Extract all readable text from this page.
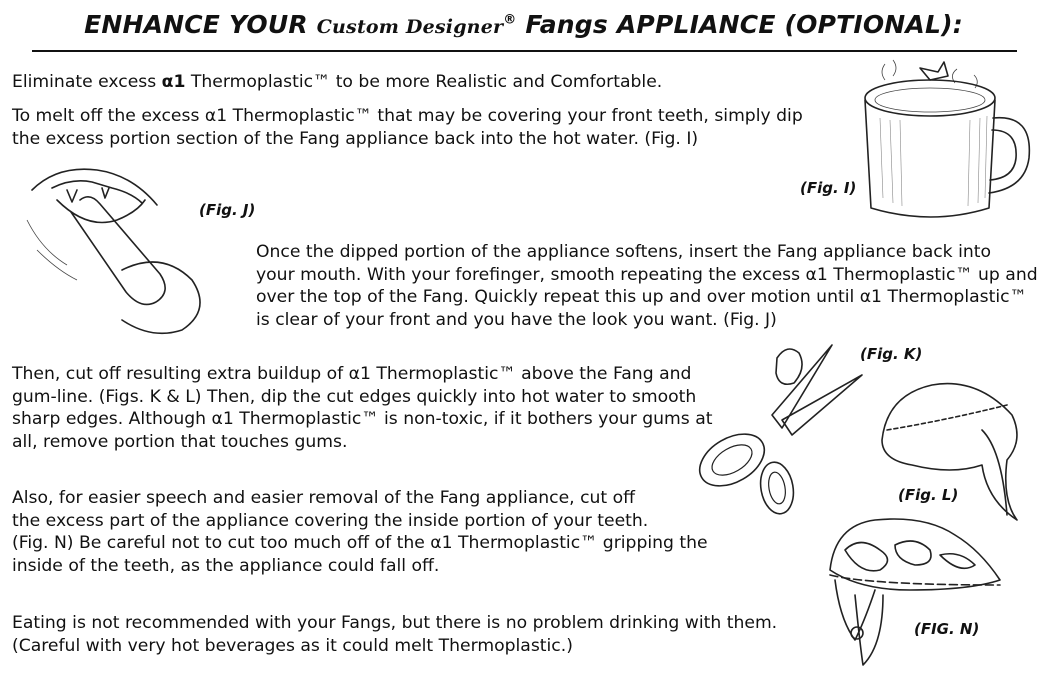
ENHANCE YOUR Custom Designer® Fangs APPLIANCE (OPTIONAL):
Eliminate excess α1 Thermoplastic™ to be more Realistic and Comfortable.
To melt off the excess α1 Thermoplastic™ that may be covering your front teeth, simply dip
the excess portion section of the Fang appliance back into the hot water. (Fig. I)
Once the dipped portion of the appliance softens, insert the Fang appliance back into
your mouth. With your forefinger, smooth repeating the excess α1 Thermoplastic™ up and
over the top of the Fang. Quickly repeat this up and over motion until α1 Thermoplastic™
is clear of your front and you have the look you want. (Fig. J)
Then, cut off resulting extra buildup of α1 Thermoplastic™ above the Fang and
gum-line. (Figs. K & L) Then, dip the cut edges quickly into hot water to smooth
sharp edges. Although α1 Thermoplastic™ is non-toxic, if it bothers your gums at
all, remove portion that touches gums.
Also, for easier speech and easier removal of the Fang appliance, cut off
the excess part of the appliance covering the inside portion of your teeth.
(Fig. N) Be careful not to cut too much off of the α1 Thermoplastic™ gripping the
inside of the teeth, as the appliance could fall off.
Eating is not recommended with your Fangs, but there is no problem drinking with them.
(Careful with very hot beverages as it could melt Thermoplastic.)
(Fig. I)
(Fig. J)
(Fig. K)
(Fig. L)
(FIG. N)
